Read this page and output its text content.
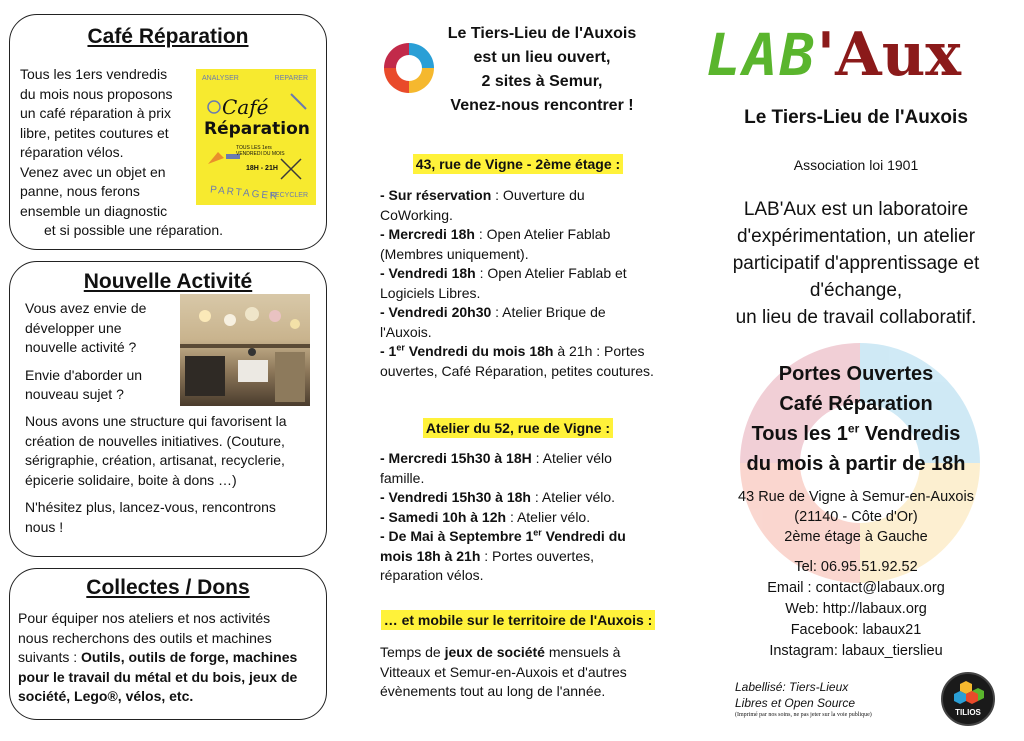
Café Réparation

Tous les 1ers vendredis

du mois nous proposons

un café réparation à prix

libre, petites coutures et

réparation vélos.

Venez avec un objet en

panne, nous ferons

ensemble un diagnostic

et si possible une réparation.

ANALYSER	REPARER
Café
Réparation
TOUS LES 1ers VENDREDI DU MOIS
18H - 21H
PARTAGER
RECYCLER
Nouvelle Activité

Vous avez envie de

développer une

nouvelle activité ?

Envie d'aborder un

nouveau sujet ?

Nous avons une structure qui favorisent la

création de nouvelles initiatives. (Couture,

sérigraphie, création, artisanat, recyclerie,

épicerie solidaire, boite à dons …)

N'hésitez plus, lancez-vous, rencontrons

nous !

Collectes / Dons

Pour équiper nos ateliers et nos activités

nous recherchons des outils et machines

suivants : Outils, outils de forge, machines

pour le travail du métal et du bois, jeux de

société, Lego®, vélos, etc.

Le Tiers-Lieu de l'Auxois

est un lieu ouvert,

2 sites à Semur,

Venez-nous rencontrer !

43, rue de Vigne - 2ème étage :

- Sur réservation : Ouverture du CoWorking.

- Mercredi 18h : Open Atelier Fablab (Membres uniquement).

- Vendredi 18h : Open Atelier Fablab et Logiciels Libres.

- Vendredi 20h30 : Atelier Brique de l'Auxois.

- 1er Vendredi du mois 18h à 21h : Portes ouvertes, Café Réparation, petites coutures.

Atelier du 52, rue de Vigne :

- Mercredi 15h30 à 18H : Atelier vélo famille.

- Vendredi 15h30 à 18h : Atelier vélo.

- Samedi 10h à 12h : Atelier vélo.

- De Mai à Septembre 1er Vendredi du mois 18h à 21h : Portes ouvertes, réparation vélos.

… et mobile sur le territoire de l'Auxois :

Temps de jeux de société mensuels à Vitteaux et Semur-en-Auxois et d'autres évènements tout au long de l'année.

LAB'Aux

Le Tiers-Lieu de l'Auxois

Association loi 1901

LAB'Aux est un laboratoire

d'expérimentation, un atelier

participatif d'apprentissage et

d'échange,

un lieu de travail collaboratif.

Portes Ouvertes

Café Réparation

Tous les 1er Vendredis

du mois à partir de 18h

43 Rue de Vigne à Semur-en-Auxois

(21140 - Côte d'Or)

2ème étage à Gauche

Tel: 06.95.51.92.52

Email : contact@labaux.org

Web: http://labaux.org

Facebook: labaux21

Instagram: labaux_tierslieu

Labellisé: Tiers-Lieux

Libres et Open Source

(Imprimé par nos soins, ne pas jeter sur la voie publique)	TILIOS
